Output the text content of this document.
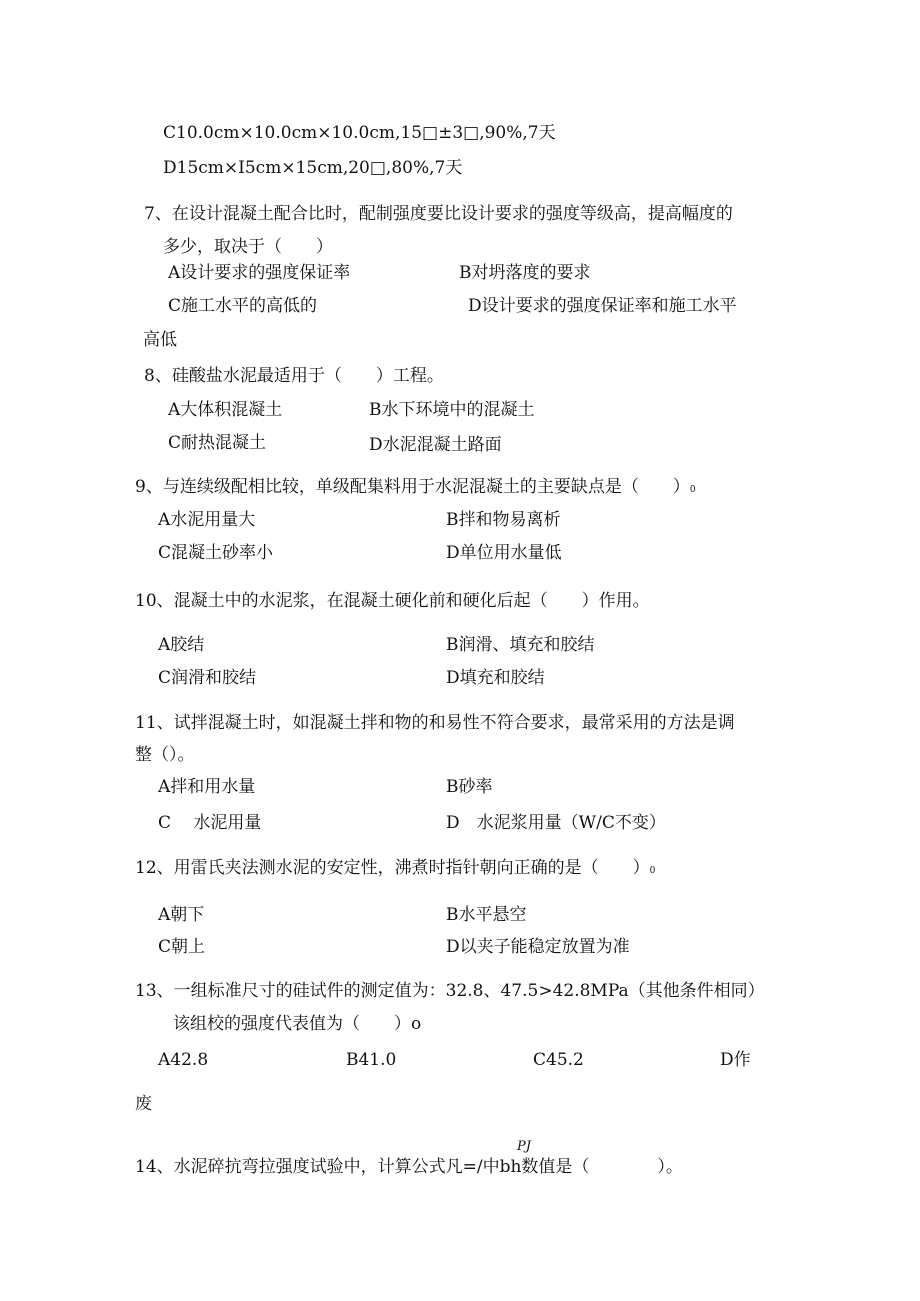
C10.0cm×10.0cm×10.0cm,15□±3□,90%,7天
D15cm×I5cm×15cm,20□,80%,7天
7、在设计混凝土配合比时，配制强度要比设计要求的强度等级高，提高幅度的
多少，取决于（　　）
A设计要求的强度保证率	B对坍落度的要求
C施工水平的高低的	D设计要求的强度保证率和施工水平
高低
8、硅酸盐水泥最适用于（　　）工程。
A大体积混凝土	B水下环境中的混凝土
C耐热混凝土	D水泥混凝土路面
9、与连续级配相比较，单级配集料用于水泥混凝土的主要缺点是（　　）0
A水泥用量大	B拌和物易离析
C混凝土砂率小	D单位用水量低
10、混凝土中的水泥浆，在混凝土硬化前和硬化后起（　　）作用。
A胶结	B润滑、填充和胶结
C润滑和胶结	D填充和胶结
11、试拌混凝土时，如混凝土拌和物的和易性不符合要求，最常采用的方法是调
整（）。
A拌和用水量	B砂率
C　 水泥用量	D　水泥浆用量（W/C不变）
12、用雷氏夹法测水泥的安定性，沸煮时指针朝向正确的是（　　）0
A朝下	B水平悬空
C朝上	D以夹子能稳定放置为准
13、一组标准尺寸的硅试件的测定值为：32.8、47.5>42.8MPa（其他条件相同）
该组校的强度代表值为（　　）o
A42.8	B41.0	C45.2	D作
废
PJ
14、水泥碎抗弯拉强度试验中，计算公式凡=/中bh数值是（　　　　）。
